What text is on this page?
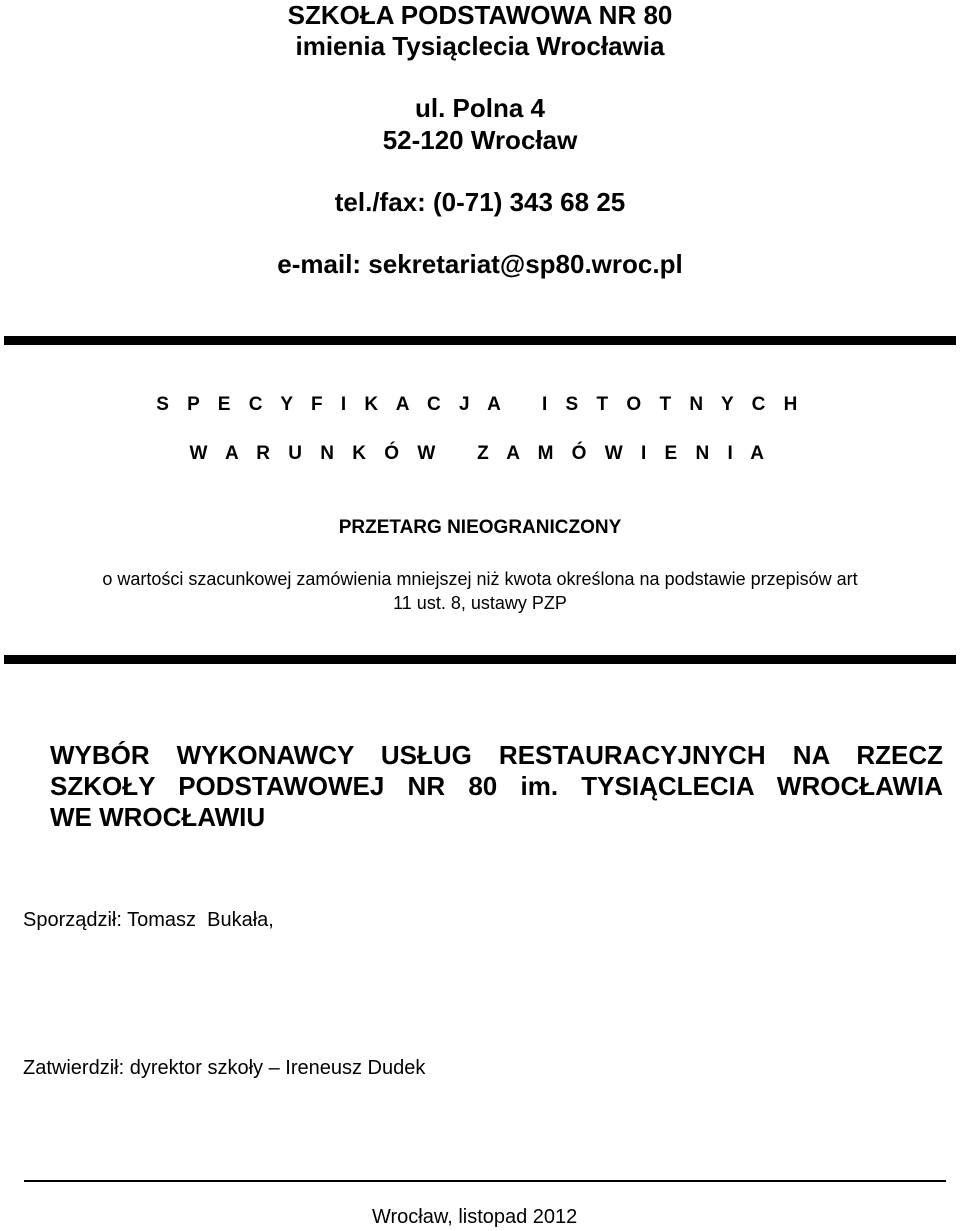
SZKOŁA PODSTAWOWA NR 80
imienia Tysiąclecia Wrocławia
ul. Polna 4
52-120 Wrocław
tel./fax: (0-71) 343 68 25
e-mail: sekretariat@sp80.wroc.pl
S P E C Y F I K A C J A   I S T O T N Y C H
W A R U N K Ó W   Z A M Ó W I E N I A
PRZETARG NIEOGRANICZONY
o wartości szacunkowej zamówienia mniejszej niż kwota określona na podstawie przepisów art
11 ust. 8, ustawy PZP
WYBÓR WYKONAWCY USŁUG RESTAURACYJNYCH NA RZECZ
SZKOŁY PODSTAWOWEJ NR 80 im. TYSIĄCLECIA WROCŁAWIA
WE WROCŁAWIU
Sporządził: Tomasz  Bukała,
Zatwierdził: dyrektor szkoły – Ireneusz Dudek
Wrocław, listopad 2012
